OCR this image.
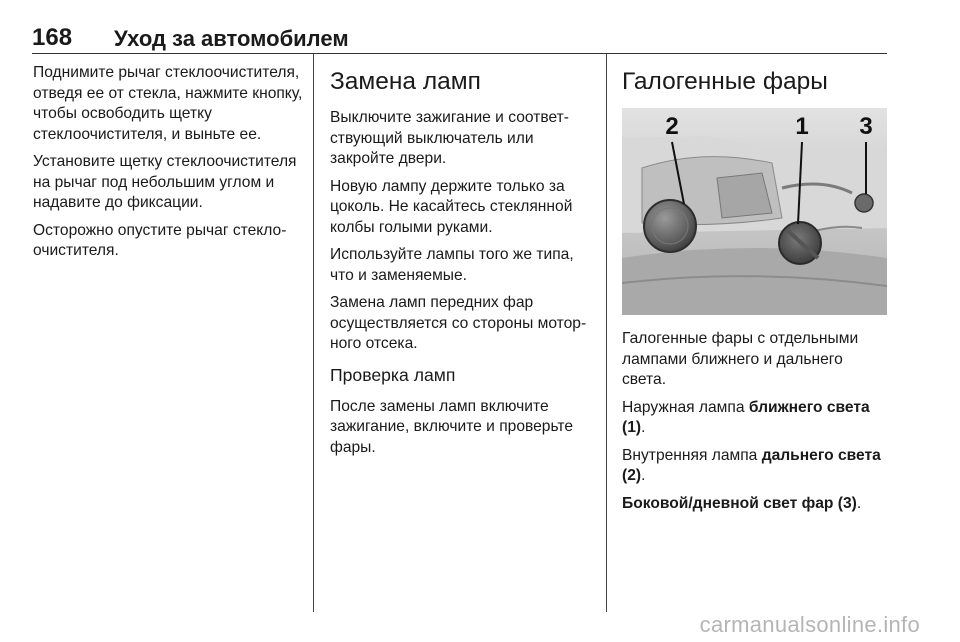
168	Уход за автомобилем

Поднимите рычаг стеклоочистителя, отведя ее от стекла, нажмите кнопку, чтобы освободить щетку стеклоочистителя, и выньте ее.

Установите щетку стеклоочистителя на рычаг под небольшим углом и надавите до фиксации.

Осторожно опустите рычаг стеклоочистителя.

Замена ламп

Выключите зажигание и соответствующий выключатель или закройте двери.

Новую лампу держите только за цоколь. Не касайтесь стеклянной колбы голыми руками.

Используйте лампы того же типа, что и заменяемые.

Замена ламп передних фар осуществляется со стороны моторного отсека.

Проверка ламп

После замены ламп включите зажигание, включите и проверьте фары.

Галогенные фары
2	1 3

Галогенные фары с отдельными лампами ближнего и дальнего света.

Наружная лампа ближнего света (1).

Внутренняя лампа дальнего света (2).

Боковой/дневной свет фар (3).

carmanualsonline.info
